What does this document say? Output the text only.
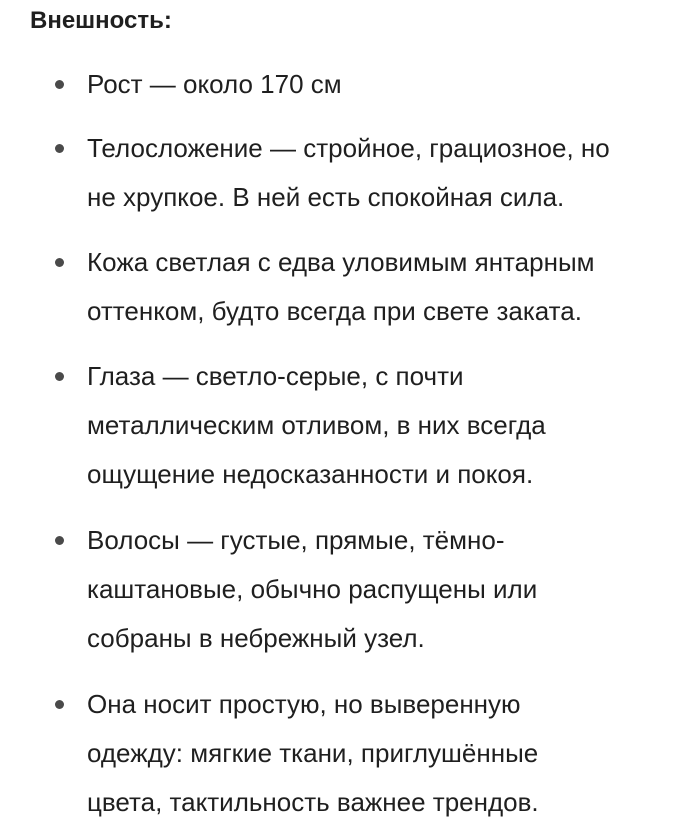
Внешность:
Рост — около 170 см
Телосложение — стройное, грациозное, но
не хрупкое. В ней есть спокойная сила.
Кожа светлая с едва уловимым янтарным
оттенком, будто всегда при свете заката.
Глаза — светло-серые, с почти
металлическим отливом, в них всегда
ощущение недосказанности и покоя.
Волосы — густые, прямые, тёмно-
каштановые, обычно распущены или
собраны в небрежный узел.
Она носит простую, но выверенную
одежду: мягкие ткани, приглушённые
цвета, тактильность важнее трендов.
